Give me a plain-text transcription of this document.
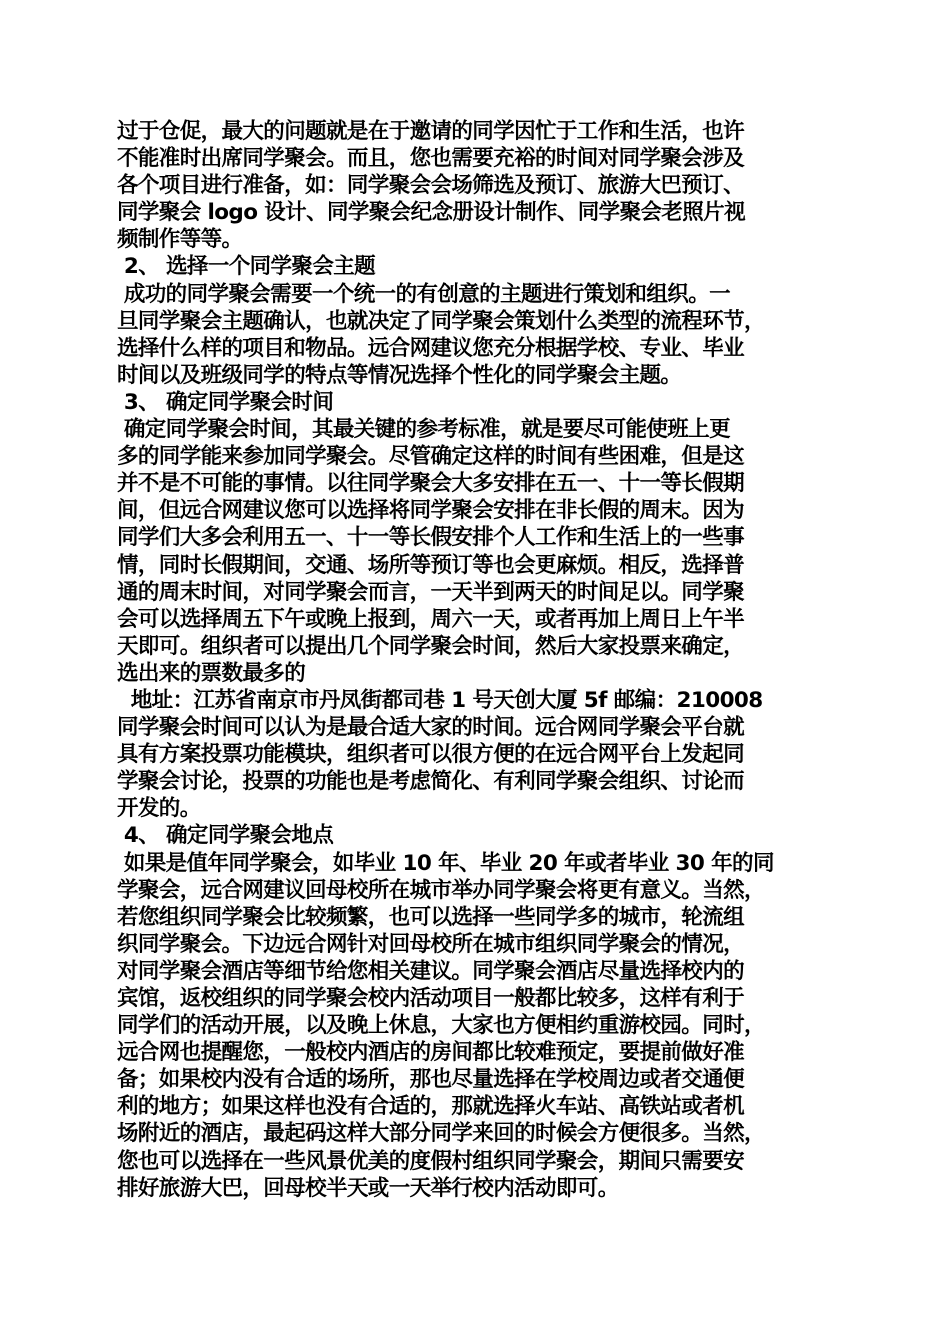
过于仓促，最大的问题就是在于邀请的同学因忙于工作和生活，也许
不能准时出席同学聚会。而且，您也需要充裕的时间对同学聚会涉及
各个项目进行准备，如：同学聚会会场筛选及预订、旅游大巴预订、
同学聚会 logo 设计、同学聚会纪念册设计制作、同学聚会老照片视
频制作等等。
2、 选择一个同学聚会主题
成功的同学聚会需要一个统一的有创意的主题进行策划和组织。一
旦同学聚会主题确认，也就决定了同学聚会策划什么类型的流程环节，
选择什么样的项目和物品。远合网建议您充分根据学校、专业、毕业
时间以及班级同学的特点等情况选择个性化的同学聚会主题。
3、 确定同学聚会时间
确定同学聚会时间，其最关键的参考标准，就是要尽可能使班上更
多的同学能来参加同学聚会。尽管确定这样的时间有些困难，但是这
并不是不可能的事情。以往同学聚会大多安排在五一、十一等长假期
间，但远合网建议您可以选择将同学聚会安排在非长假的周末。因为
同学们大多会利用五一、十一等长假安排个人工作和生活上的一些事
情，同时长假期间，交通、场所等预订等也会更麻烦。相反，选择普
通的周末时间，对同学聚会而言，一天半到两天的时间足以。同学聚
会可以选择周五下午或晚上报到，周六一天，或者再加上周日上午半
天即可。组织者可以提出几个同学聚会时间，然后大家投票来确定，
选出来的票数最多的
地址：江苏省南京市丹凤街都司巷 1 号天创大厦 5f 邮编：210008
同学聚会时间可以认为是最合适大家的时间。远合网同学聚会平台就
具有方案投票功能模块，组织者可以很方便的在远合网平台上发起同
学聚会讨论，投票的功能也是考虑简化、有利同学聚会组织、讨论而
开发的。
4、 确定同学聚会地点
如果是值年同学聚会，如毕业 10 年、毕业 20 年或者毕业 30 年的同
学聚会，远合网建议回母校所在城市举办同学聚会将更有意义。当然，
若您组织同学聚会比较频繁，也可以选择一些同学多的城市，轮流组
织同学聚会。下边远合网针对回母校所在城市组织同学聚会的情况，
对同学聚会酒店等细节给您相关建议。同学聚会酒店尽量选择校内的
宾馆，返校组织的同学聚会校内活动项目一般都比较多，这样有利于
同学们的活动开展，以及晚上休息，大家也方便相约重游校园。同时，
远合网也提醒您，一般校内酒店的房间都比较难预定，要提前做好准
备；如果校内没有合适的场所，那也尽量选择在学校周边或者交通便
利的地方；如果这样也没有合适的，那就选择火车站、高铁站或者机
场附近的酒店，最起码这样大部分同学来回的时候会方便很多。当然，
您也可以选择在一些风景优美的度假村组织同学聚会，期间只需要安
排好旅游大巴，回母校半天或一天举行校内活动即可。
